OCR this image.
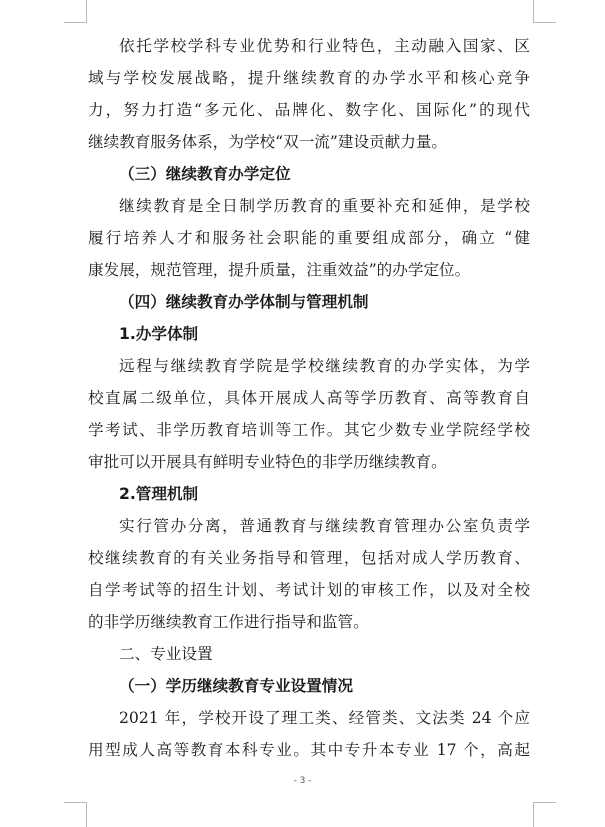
依托学校学科专业优势和行业特色，主动融入国家、区
域与学校发展战略，提升继续教育的办学水平和核心竞争
力，努力打造“多元化、品牌化、数字化、国际化”的现代
继续教育服务体系，为学校“双一流”建设贡献力量。
（三）继续教育办学定位
继续教育是全日制学历教育的重要补充和延伸，是学校
履行培养人才和服务社会职能的重要组成部分，确立 “健
康发展，规范管理，提升质量，注重效益”的办学定位。
（四）继续教育办学体制与管理机制
1.办学体制
远程与继续教育学院是学校继续教育的办学实体，为学
校直属二级单位，具体开展成人高等学历教育、高等教育自
学考试、非学历教育培训等工作。其它少数专业学院经学校
审批可以开展具有鲜明专业特色的非学历继续教育。
2.管理机制
实行管办分离，普通教育与继续教育管理办公室负责学
校继续教育的有关业务指导和管理，包括对成人学历教育、
自学考试等的招生计划、考试计划的审核工作，以及对全校
的非学历继续教育工作进行指导和监管。
二、专业设置
（一）学历继续教育专业设置情况
2021 年，学校开设了理工类、经管类、文法类 24 个应
用型成人高等教育本科专业。其中专升本专业 17 个，高起
- 3 -
